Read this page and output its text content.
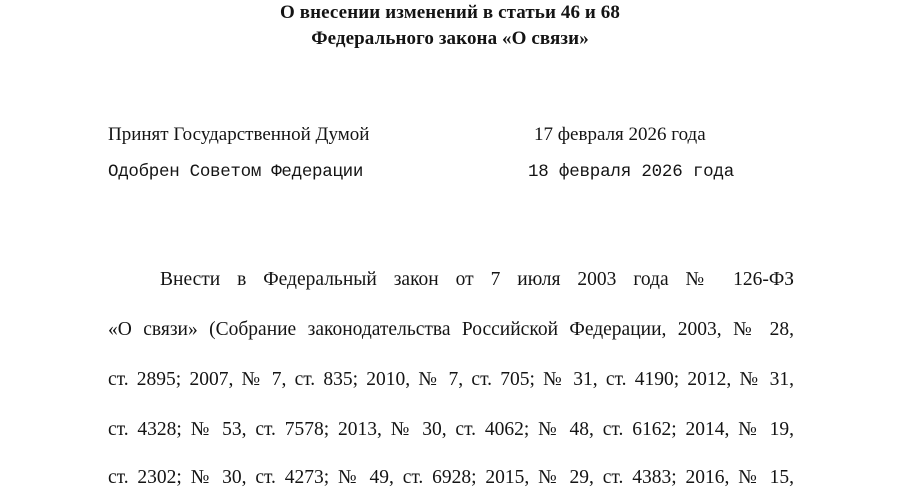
О внесении изменений в статьи 46 и 68
Федерального закона «О связи»
Принят Государственной Думой	17 февраля 2026 года
Одобрен Советом Федерации	18 февраля 2026 года
Внести в Федеральный закон от 7 июля 2003 года № 126-ФЗ
«О связи» (Собрание законодательства Российской Федерации, 2003, № 28,
ст. 2895; 2007, № 7, ст. 835; 2010, № 7, ст. 705; № 31, ст. 4190; 2012, № 31,
ст. 4328; № 53, ст. 7578; 2013, № 30, ст. 4062; № 48, ст. 6162; 2014, № 19,
ст. 2302; № 30, ст. 4273; № 49, ст. 6928; 2015, № 29, ст. 4383; 2016, № 15,
